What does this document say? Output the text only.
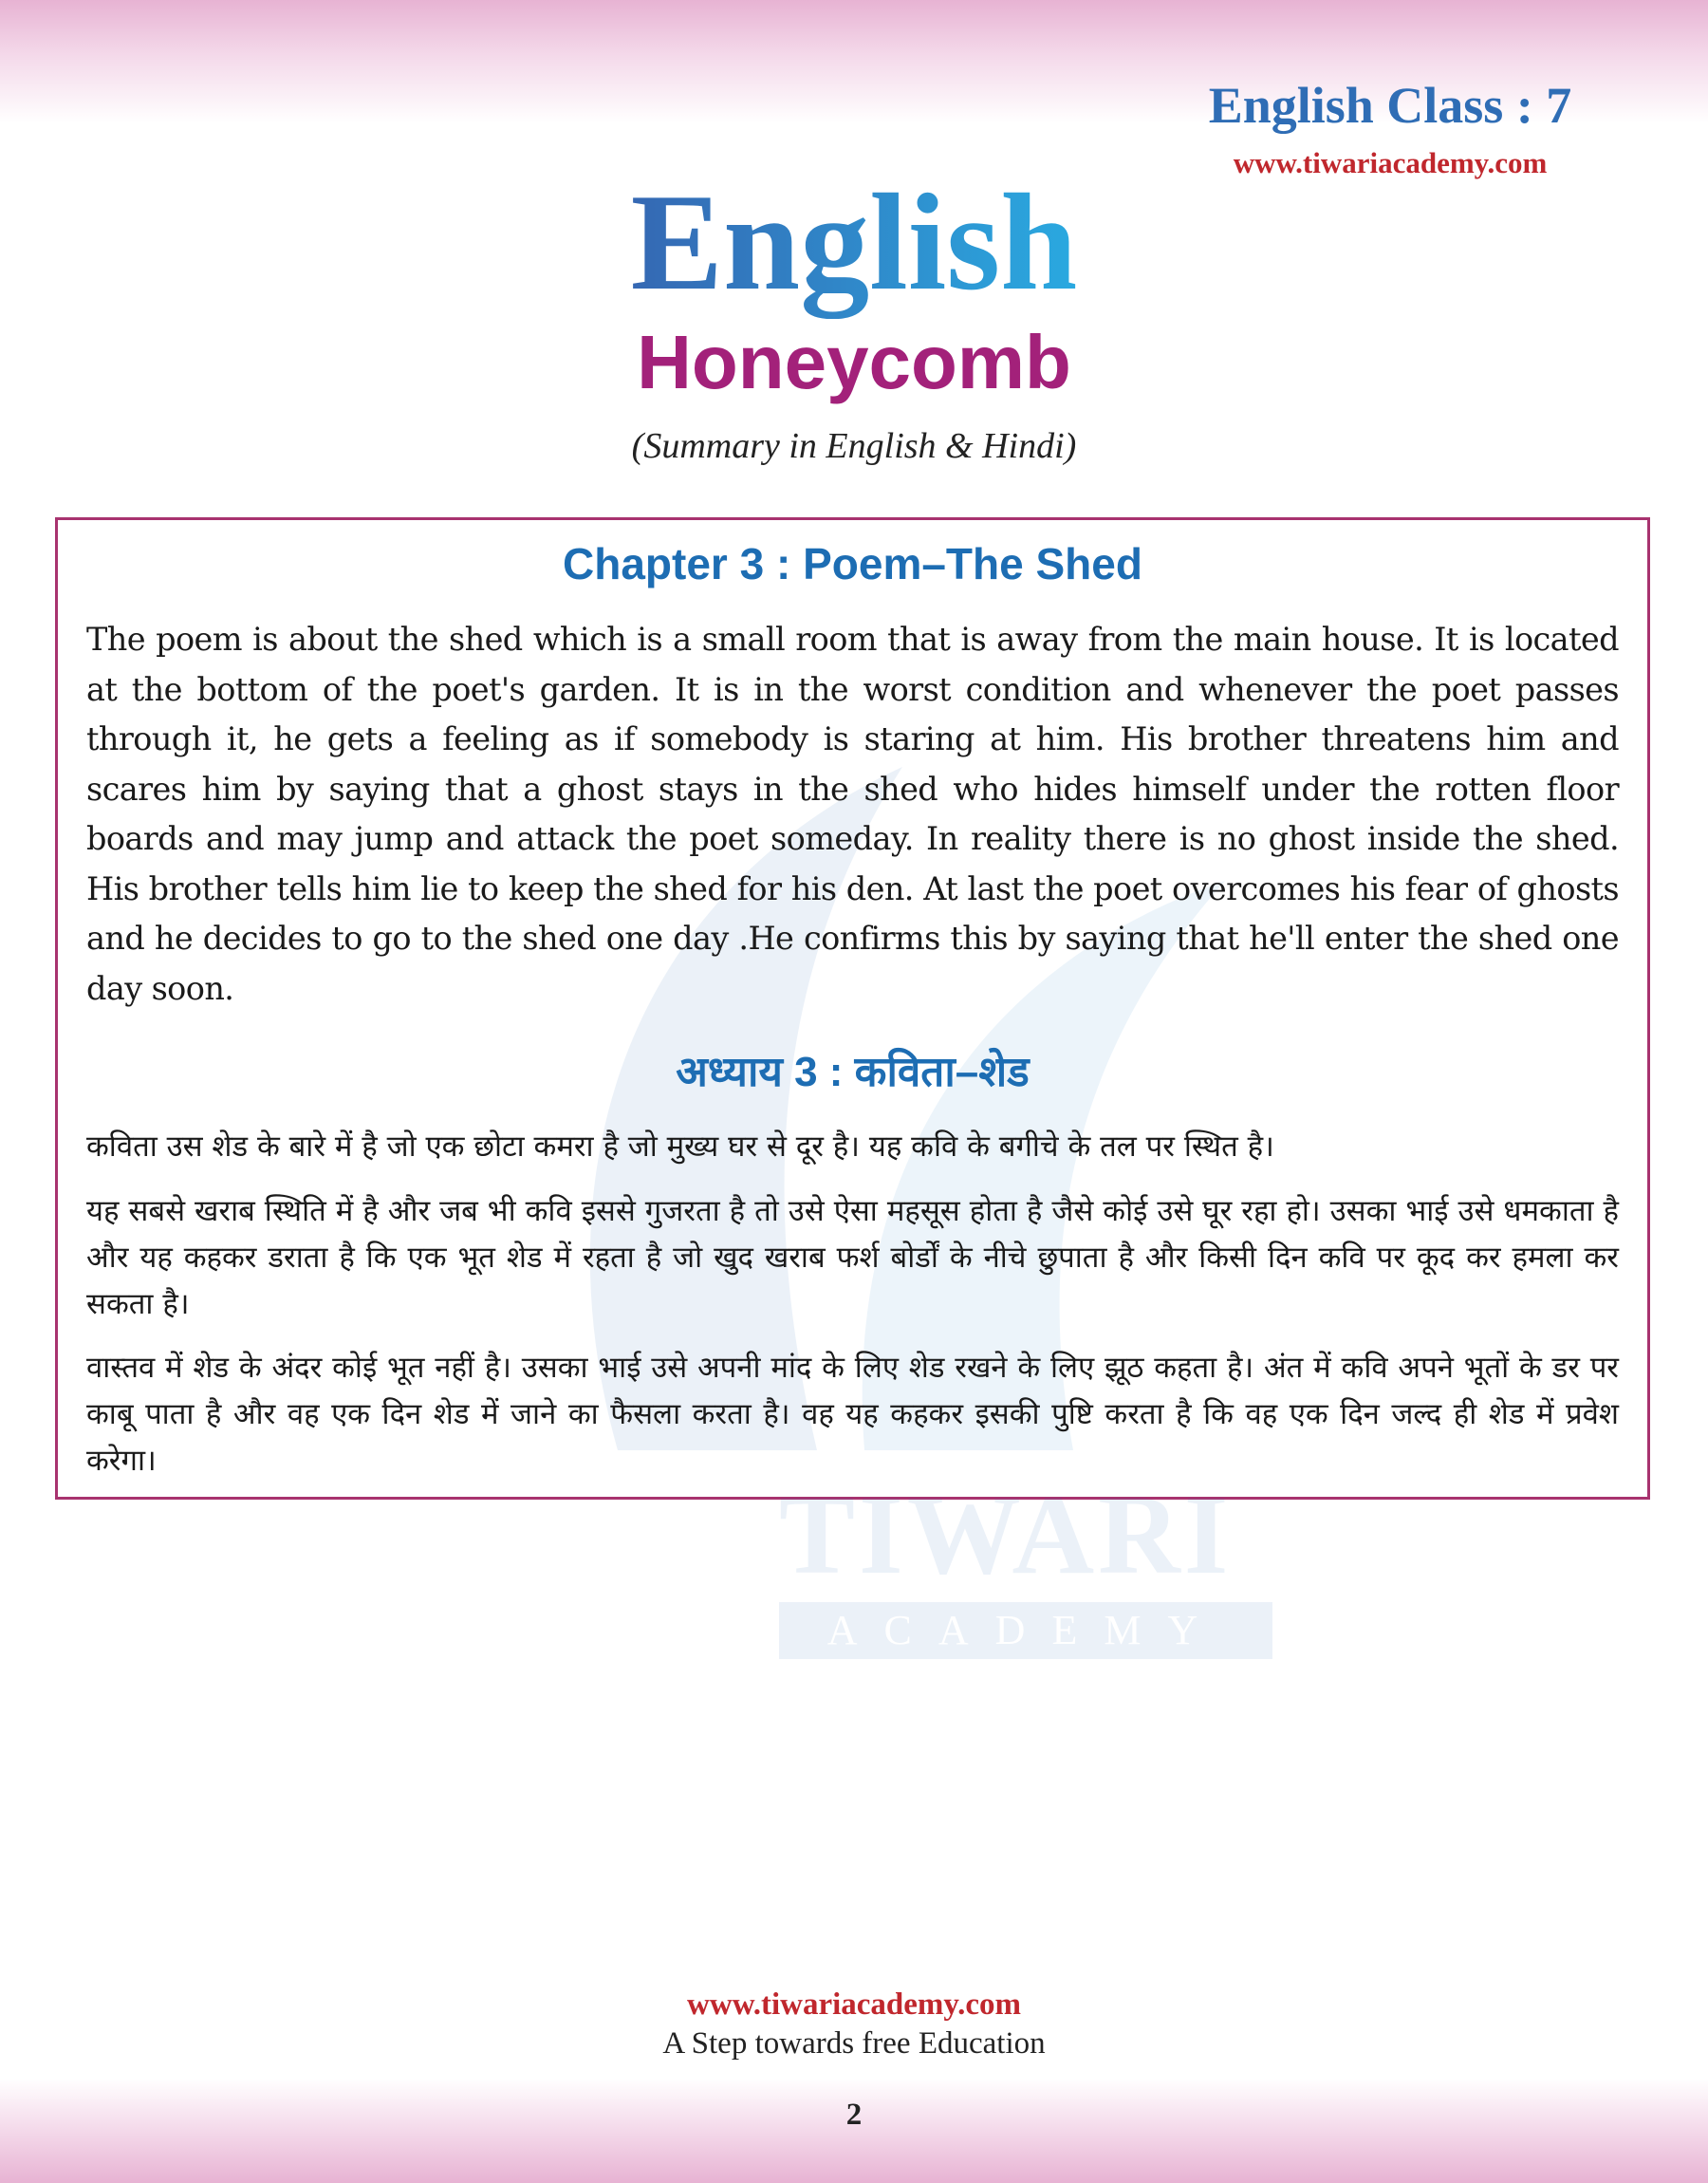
English Class : 7
www.tiwariacademy.com
English
Honeycomb
(Summary in English & Hindi)
TIWARI
ACADEMY
Chapter 3 : Poem–The Shed

The poem is about the shed which is a small room that is away from the main house. It is located at the bottom of the poet's garden. It is in the worst condition and whenever the poet passes through it, he gets a feeling as if somebody is staring at him. His brother threatens him and scares him by saying that a ghost stays in the shed who hides himself under the rotten floor boards and may jump and attack the poet someday. In reality there is no ghost inside the shed. His brother tells him lie to keep the shed for his den. At last the poet overcomes his fear of ghosts and he decides to go to the shed one day .He confirms this by saying that he'll enter the shed one day soon.

अध्याय 3 : कविता–शेड

कविता उस शेड के बारे में है जो एक छोटा कमरा है जो मुख्य घर से दूर है। यह कवि के बगीचे के तल पर स्थित है।

यह सबसे खराब स्थिति में है और जब भी कवि इससे गुजरता है तो उसे ऐसा महसूस होता है जैसे कोई उसे घूर रहा हो। उसका भाई उसे धमकाता है और यह कहकर डराता है कि एक भूत शेड में रहता है जो खुद खराब फर्श बोर्डों के नीचे छुपाता है और किसी दिन कवि पर कूद कर हमला कर सकता है।

वास्तव में शेड के अंदर कोई भूत नहीं है। उसका भाई उसे अपनी मांद के लिए शेड रखने के लिए झूठ कहता है। अंत में कवि अपने भूतों के डर पर काबू पाता है और वह एक दिन शेड में जाने का फैसला करता है। वह यह कहकर इसकी पुष्टि करता है कि वह एक दिन जल्द ही शेड में प्रवेश करेगा।

www.tiwariacademy.com
A Step towards free Education
2
